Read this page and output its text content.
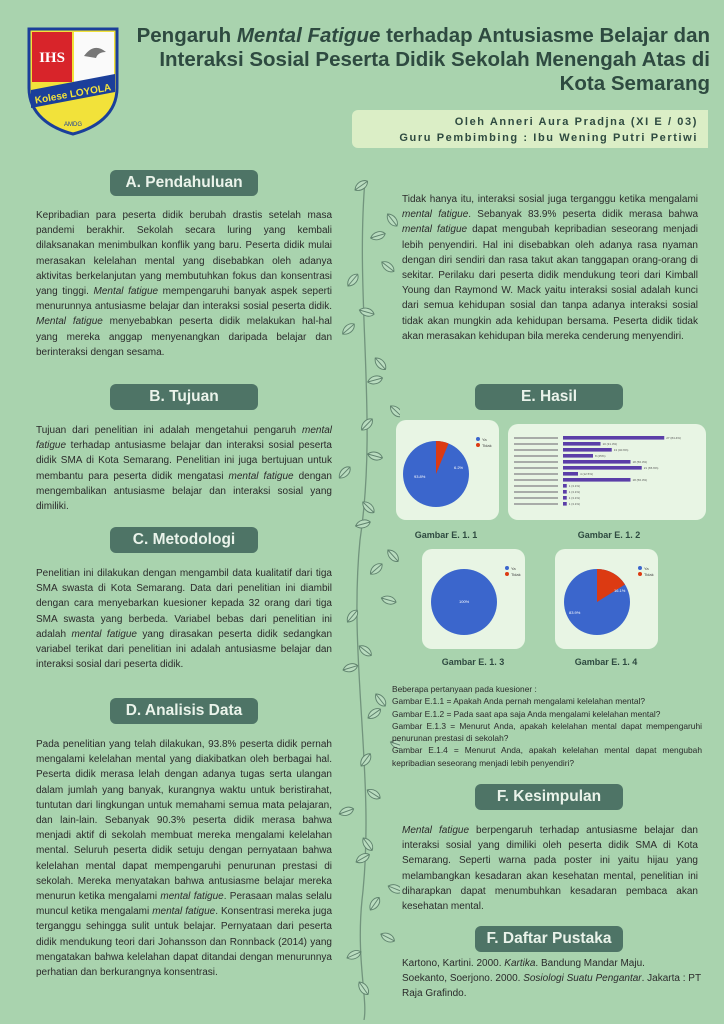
IHS
Kolese LOYOLA
AMDG
Pengaruh Mental Fatigue terhadap Antusiasme Belajar dan Interaksi Sosial Peserta Didik Sekolah Menengah Atas di Kota Semarang
Oleh Anneri Aura Pradjna (XI E / 03)
Guru Pembimbing : Ibu Wening Putri Pertiwi
A. Pendahuluan
Kepribadian para peserta didik berubah drastis setelah masa pandemi berakhir. Sekolah secara luring yang kembali dilaksanakan menimbulkan konflik yang baru. Peserta didik mulai merasakan kelelahan mental yang disebabkan oleh adanya aktivitas berkelanjutan yang membutuhkan fokus dan konsentrasi yang tinggi. Mental fatigue mempengaruhi banyak aspek seperti menurunnya antusiasme belajar dan interaksi sosial peserta didik. Mental fatigue menyebabkan peserta didik melakukan hal-hal yang mereka anggap menyenangkan daripada belajar dan berinteraksi dengan sesama.
B. Tujuan
Tujuan dari penelitian ini adalah mengetahui pengaruh mental fatigue terhadap antusiasme belajar dan interaksi sosial peserta didik SMA di Kota Semarang. Penelitian ini juga bertujuan untuk membantu para peserta didik mengatasi mental fatigue dengan mengembalikan antusiasme belajar dan interaksi sosial yang dimiliki.
C. Metodologi
Penelitian ini dilakukan dengan mengambil data kualitatif dari tiga SMA swasta di Kota Semarang. Data dari penelitian ini diambil dengan cara menyebarkan kuesioner kepada 32 orang dari tiga SMA swasta yang berbeda. Variabel bebas dari penelitian ini adalah mental fatigue yang dirasakan peserta didik sedangkan variabel terikat dari penelitian ini adalah antusiasme belajar dan interaksi sosial dari peserta didik.
D. Analisis Data
Pada penelitian yang telah dilakukan, 93.8% peserta didik pernah mengalami kelelahan mental yang diakibatkan oleh berbagai hal. Peserta didik merasa lelah dengan adanya tugas serta ulangan dalam jumlah yang banyak, kurangnya waktu untuk beristirahat, tuntutan dari lingkungan untuk memahami semua mata pelajaran, dan lain-lain. Sebanyak 90.3% peserta didik merasa bahwa menjadi aktif di sekolah membuat mereka mengalami kelelahan mental. Seluruh peserta didik setuju dengan pernyataan bahwa kelelahan mental dapat mempengaruhi penurunan prestasi di sekolah. Mereka menyatakan bahwa antusiasme belajar mereka menurun ketika mengalami mental fatigue. Perasaan malas selalu muncul ketika mengalami mental fatigue. Konsentrasi mereka juga terganggu sehingga sulit untuk belajar. Pernyataan dari peserta didik mendukung teori dari Johansson dan Ronnback (2014) yang mengatakan bahwa kelelahan dapat ditandai dengan menurunnya perhatian dan berkurangnya konsentrasi.
Tidak hanya itu, interaksi sosial juga terganggu ketika mengalami mental fatigue. Sebanyak 83.9% peserta didik merasa bahwa mental fatigue dapat mengubah kepribadian seseorang menjadi lebih penyendiri. Hal ini disebabkan oleh adanya rasa nyaman dengan diri sendiri dan rasa takut akan tanggapan orang-orang di sekitar. Perilaku dari peserta didik mendukung teori dari Kimball Young dan Raymond W. Mack yaitu interaksi sosial adalah kunci dari semua kehidupan sosial dan tanpa adanya interaksi sosial tidak akan mungkin ada kehidupan bersama. Peserta didik tidak akan merasakan kehidupan bila mereka cenderung menyendiri.
E. Hasil
93.8%
6.2%
Ya
Tidak
Gambar E. 1. 1
27 (84.4%)
10 (31.3%)
13 (40.6%)
8 (25%)
18 (56.3%)
21 (65.6%)
4 (12.5%)
18 (56.3%)
1 (3.1%)
1 (3.1%)
1 (3.1%)
1 (3.1%)
Gambar E. 1. 2
100%
Ya
Tidak
Gambar E. 1. 3
83.9%
16.1%
Ya
Tidak
Gambar E. 1. 4
Beberapa pertanyaan pada kuesioner :
Gambar E.1.1 = Apakah Anda pernah mengalami kelelahan mental?
Gambar E.1.2 = Pada saat apa saja Anda mengalami kelelahan mental?
Gambar E.1.3 = Menurut Anda, apakah kelelahan mental dapat mempengaruhi penurunan prestasi di sekolah?
Gambar E.1.4 = Menurut Anda, apakah kelelahan mental dapat mengubah kepribadian seseorang menjadi lebih penyendiri?
F. Kesimpulan
Mental fatigue berpengaruh terhadap antusiasme belajar dan interaksi sosial yang dimiliki oleh peserta didik SMA di Kota Semarang. Seperti warna pada poster ini yaitu hijau yang melambangkan kesadaran akan kesehatan mental, penelitian ini diharapkan dapat menumbuhkan kesadaran pembaca akan kesehatan mental.
F. Daftar Pustaka
Kartono, Kartini. 2000. Kartika. Bandung Mandar Maju.
Soekanto, Soerjono. 2000. Sosiologi Suatu Pengantar. Jakarta : PT Raja Grafindo.
